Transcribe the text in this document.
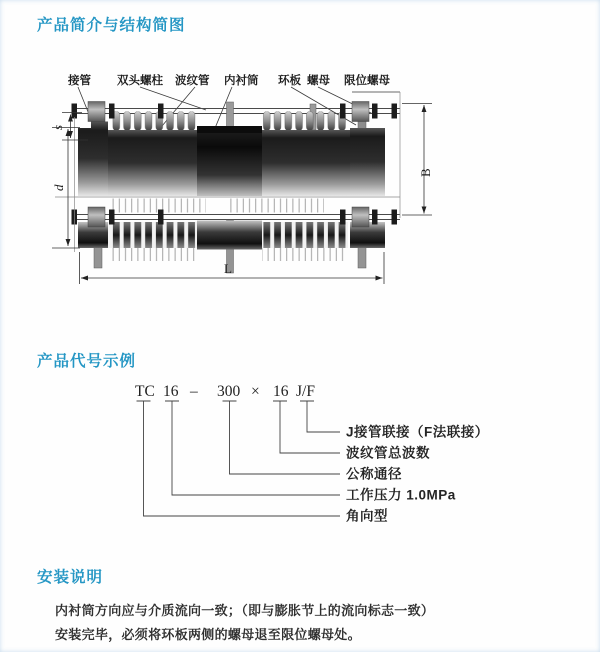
产品简介与结构简图
产品代号示例
安装说明
内衬筒方向应与介质流向一致；（即与膨胀节上的流向标志一致）
安装完毕，必须将环板两侧的螺母退至限位螺母处。
接管 双头螺柱 波纹管 内衬筒 环板 螺母 限位螺母
s
d
B
L
TC 16 – 300 × 16 J/F
J接管联接（F法联接）
波纹管总波数
公称通径
工作压力 1.0MPa
角向型
